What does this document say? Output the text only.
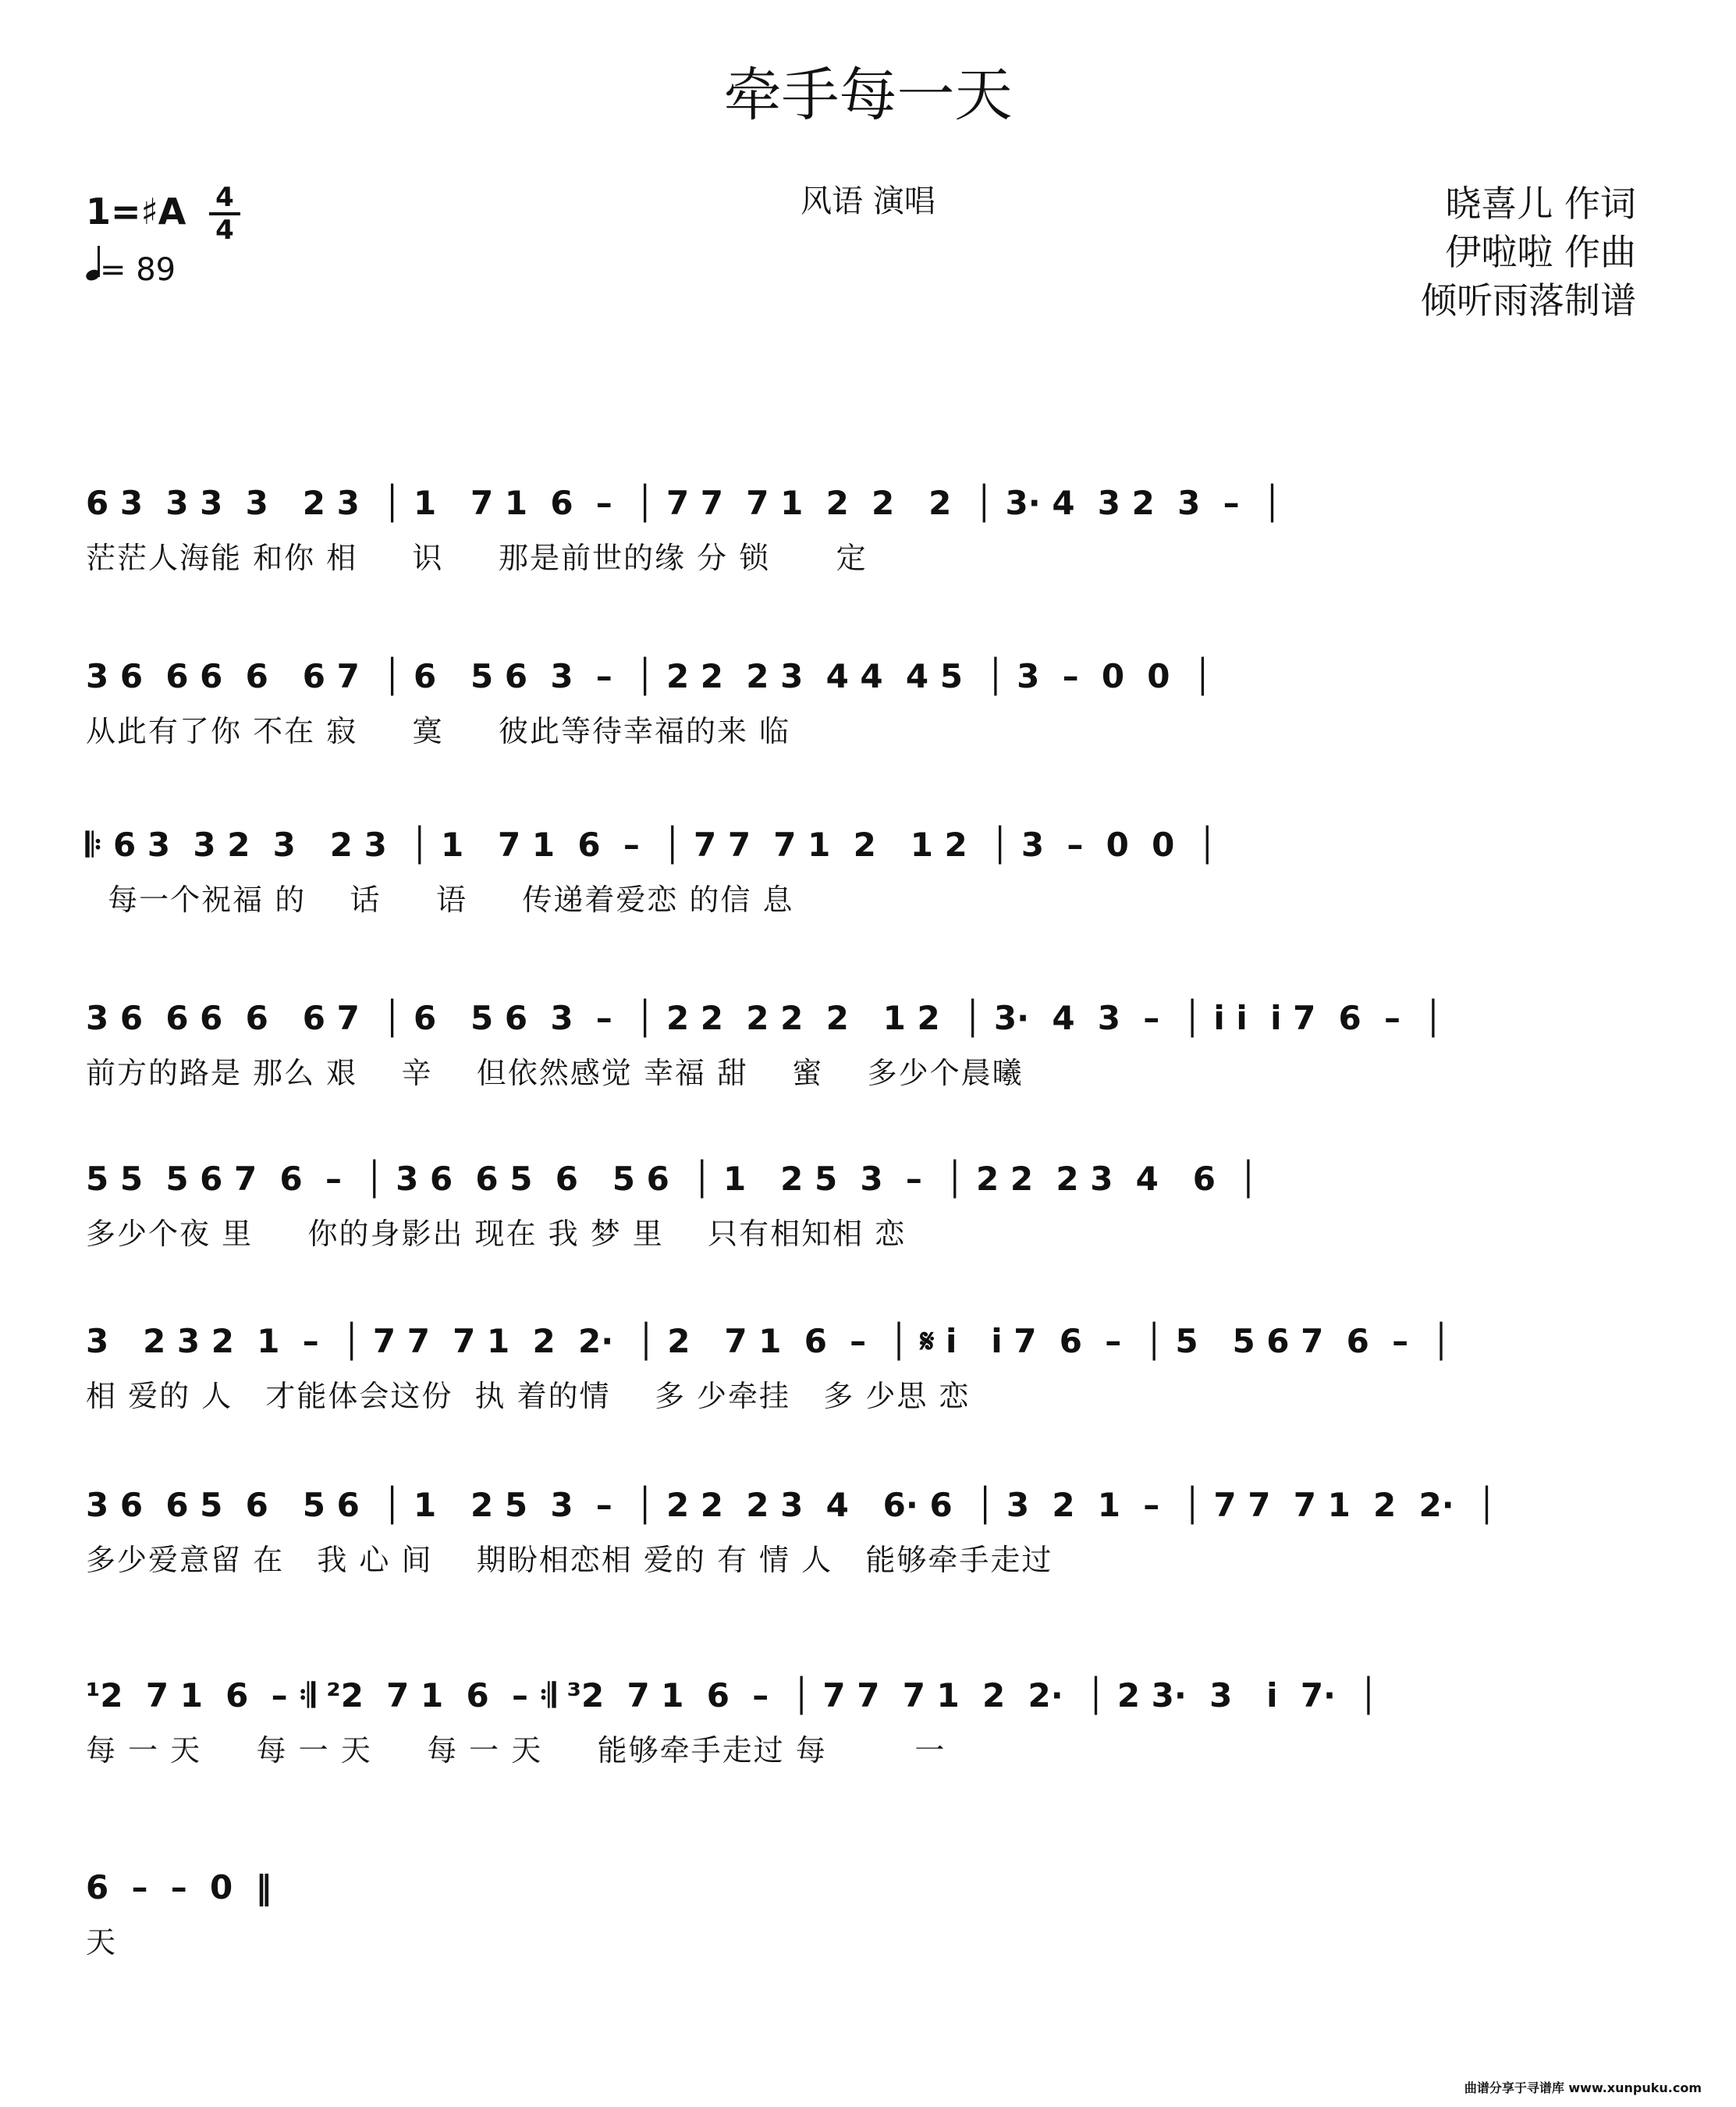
牵手每一天
1=♯A 4
4
= 89
风语 演唱	晓喜儿 作词
伊啦啦 作曲
倾听雨落制谱
6 3  3 3  3   2 3  │ 1   7 1  6  –  │ 7 7  7 1  2  2   2  │ 3· 4  3 2  3  –  │
茫茫人海能 和你 相     识     那是前世的缘 分 锁      定
3 6  6 6  6   6 7  │ 6   5 6  3  –  │ 2 2  2 3  4 4  4 5  │ 3  –  0  0  │
从此有了你 不在 寂     寞     彼此等待幸福的来 临
𝄆 6 3  3 2  3   2 3  │ 1   7 1  6  –  │ 7 7  7 1  2   1 2  │ 3  –  0  0  │
每一个祝福 的    话     语     传递着爱恋 的信 息
3 6  6 6  6   6 7  │ 6   5 6  3  –  │ 2 2  2 2  2   1 2  │ 3·  4  3  –  │ i i  i 7  6  –  │
前方的路是 那么 艰    辛    但依然感觉 幸福 甜    蜜    多少个晨曦
5 5  5 6 7  6  –  │ 3 6  6 5  6   5 6  │ 1   2 5  3  –  │ 2 2  2 3  4   6  │
多少个夜 里     你的身影出 现在 我 梦 里    只有相知相 恋
3   2 3 2  1  –  │ 7 7  7 1  2  2·  │ 2   7 1  6  –  │ 𝄋 i   i 7  6  –  │ 5   5 6 7  6  –  │
相 爱的 人   才能体会这份  执 着的情    多 少牵挂   多 少思 恋
3 6  6 5  6   5 6  │ 1   2 5  3  –  │ 2 2  2 3  4   6· 6  │ 3  2  1  –  │ 7 7  7 1  2  2·  │
多少爱意留 在   我 心 间    期盼相恋相 爱的 有 情 人   能够牵手走过
¹2  7 1  6  – 𝄇 ²2  7 1  6  – 𝄇 ³2  7 1  6  –  │ 7 7  7 1  2  2·  │ 2 3·  3   i  7·  │
每 一 天     每 一 天     每 一 天     能够牵手走过 每        一
6  –  –  0  ‖
天
曲谱分享于寻谱库 www.xunpuku.com
